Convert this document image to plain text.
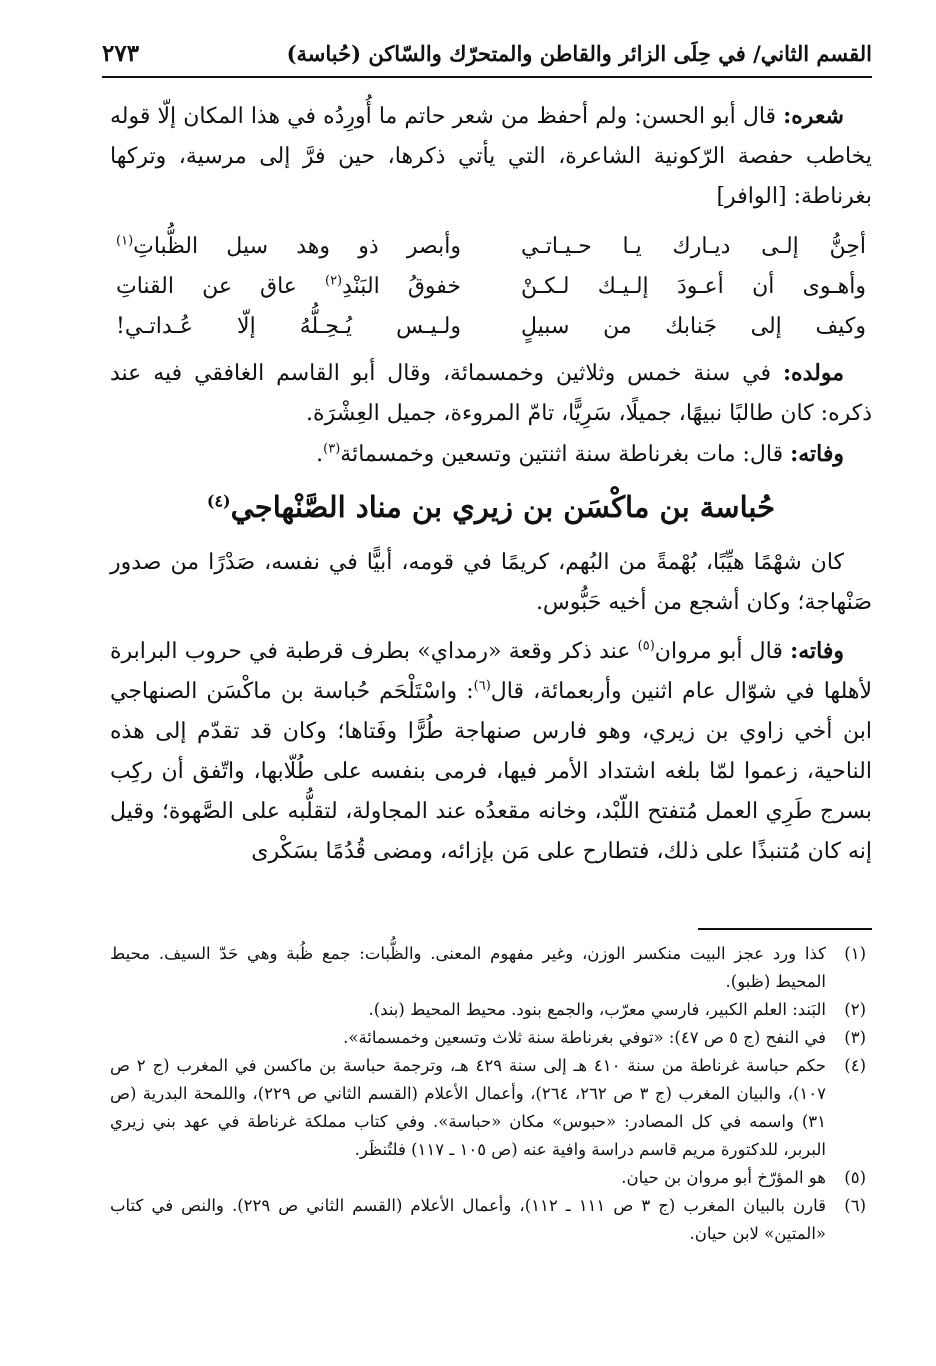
القسم الثاني/ في حِلَى الزائر والقاطن والمتحرّك والسّاكن (حُباسة)
٢٧٣

شعره: قال أبو الحسن: ولم أحفظ من شعر حاتم ما أُورِدُه في هذا المكان إلّا قوله يخاطب حفصة الرّكونية الشاعرة، التي يأتي ذكرها، حين فرَّ إلى مرسية، وتركها بغرناطة: [الوافر]

أحِنُّ إلـى ديـارك يـا حـيـاتـي
وأبصر ذو وهد سيل الظُّباتِ$^{(١)}$
وأهـوى أن أعـودَ إلـيـك لـكـنْ
خفوقُ البَنْدِ$^{(٢)}$ عاق عن القناتِ
وكيف إلى جَنابك من سبيلٍ
ولـيـس يُـحِـلُّهُ إلّا عُـداتـي!

مولده: في سنة خمس وثلاثين وخمسمائة، وقال أبو القاسم الغافقي فيه عند ذكره: كان طالبًا نبيهًا، جميلًا، سَرِيًّا، تامّ المروءة، جميل العِشْرَة.

وفاته: قال: مات بغرناطة سنة اثنتين وتسعين وخمسمائة$^{(٣)}$.

حُباسة بن ماكْسَن بن زيري بن مناد الصَّنْهاجي$^{(٤)}$

كان شهْمًا هيِّبًا، بُهْمةً من البُهم، كريمًا في قومه، أبيًّا في نفسه، صَدْرًا من صدور صَنْهاجة؛ وكان أشجع من أخيه حَبُّوس.

وفاته: قال أبو مروان$^{(٥)}$ عند ذكر وقعة «رمداي» بطرف قرطبة في حروب البرابرة لأهلها في شوّال عام اثنين وأربعمائة، قال$^{(٦)}$: واسْتَلْحَم حُباسة بن ماكْسَن الصنهاجي ابن أخي زاوي بن زيري، وهو فارس صنهاجة طُرًّا وفَتاها؛ وكان قد تقدّم إلى هذه الناحية، زعموا لمّا بلغه اشتداد الأمر فيها، فرمى بنفسه على طُلّابها، واتّفق أن ركِب بسرج طَرِي العمل مُتفتح اللّبْد، وخانه مقعدُه عند المجاولة، لتقلُّبه على الصَّهوة؛ وقيل إنه كان مُتنبذًا على ذلك، فتطارح على مَن بإزائه، ومضى قُدُمًا بسَكْرى

(١)
كذا ورد عجز البيت منكسر الوزن، وغير مفهوم المعنى. والظُّبات: جمع ظُبة وهي حَدّ السيف. محيط المحيط (ظبو).
(٢)
البَند: العلم الكبير، فارسي معرّب، والجمع بنود. محيط المحيط (بند).
(٣)
في النفح (ج ٥ ص ٤٧): «توفي بغرناطة سنة ثلاث وتسعين وخمسمائة».
(٤)
حكم حباسة غرناطة من سنة ٤١٠ هـ إلى سنة ٤٢٩ هـ، وترجمة حباسة بن ماكسن في المغرب (ج ٢ ص ١٠٧)، والبيان المغرب (ج ٣ ص ٢٦٢، ٢٦٤)، وأعمال الأعلام (القسم الثاني ص ٢٢٩)، واللمحة البدرية (ص ٣١) واسمه في كل المصادر: «حبوس» مكان «حباسة». وفي كتاب مملكة غرناطة في عهد بني زيري البربر، للدكتورة مريم قاسم دراسة وافية عنه (ص ١٠٥ ـ ١١٧) فلتُنظَر.
(٥)
هو المؤرّخ أبو مروان بن حيان.
(٦)
قارن بالبيان المغرب (ج ٣ ص ١١١ ـ ١١٢)، وأعمال الأعلام (القسم الثاني ص ٢٢٩). والنص في كتاب «المتين» لابن حيان.
